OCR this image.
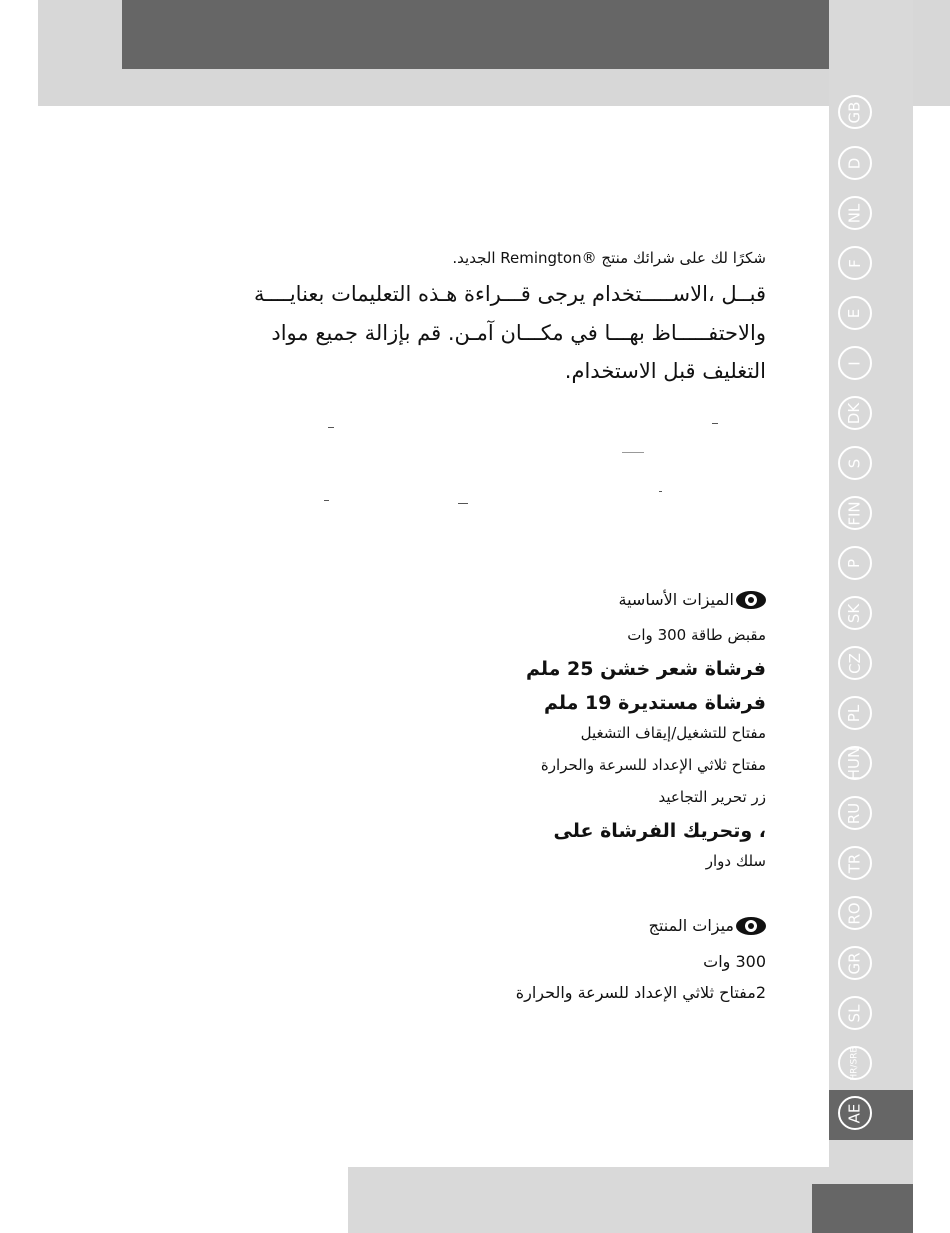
GB
D
NL
F
E
I
DK
S
FIN
P
SK
CZ
PL
HUN
RU
TR
RO
GR
SL
HR/SRB
AE
شكرًا لك على شرائك منتج ®Remington الجديد.
قبــل ،الاســـــتخدام يرجى قـــراءة هـذه التعليمات بعنايــــة
والاحتفـــــاظ بهـــا في مكـــان آمـن. قم بإزالة جميع مواد
التغليف قبل الاستخدام.
الميزات الأساسية
مقبض طاقة 300 وات
فرشاة شعر خشن 25 ملم
فرشاة مستديرة 19 ملم
مفتاح للتشغيل/إيقاف التشغيل
مفتاح ثلاثي الإعداد للسرعة والحرارة
زر تحرير التجاعيد
، وتحريك الفرشاة على
سلك دوار
ميزات المنتج
300 وات
2مفتاح ثلاثي الإعداد للسرعة والحرارة
